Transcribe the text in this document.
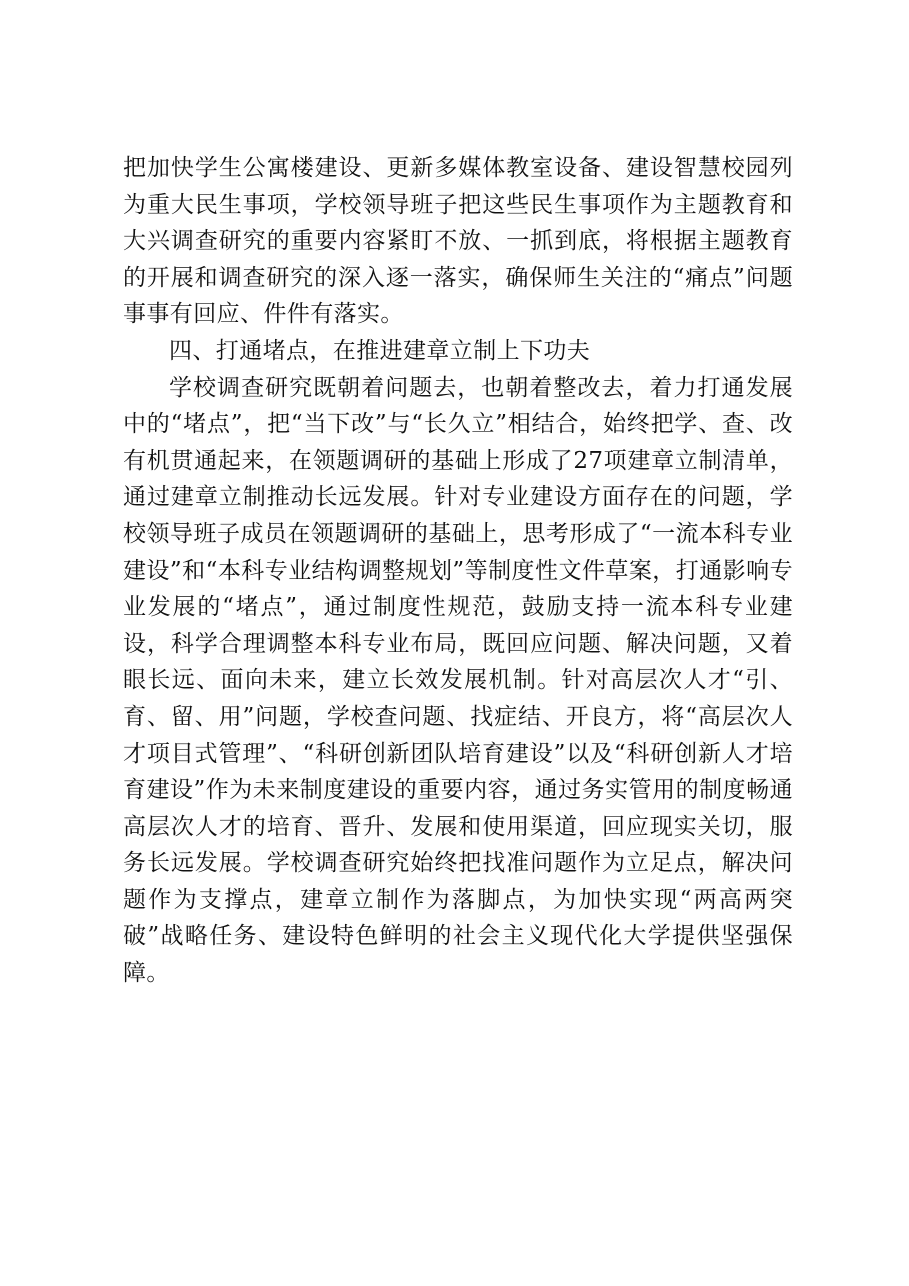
把加快学生公寓楼建设、更新多媒体教室设备、建设智慧校园列为重大民生事项，学校领导班子把这些民生事项作为主题教育和大兴调查研究的重要内容紧盯不放、一抓到底，将根据主题教育的开展和调查研究的深入逐一落实，确保师生关注的“痛点”问题事事有回应、件件有落实。

四、打通堵点，在推进建章立制上下功夫

学校调查研究既朝着问题去，也朝着整改去，着力打通发展中的“堵点”，把“当下改”与“长久立”相结合，始终把学、查、改有机贯通起来，在领题调研的基础上形成了27项建章立制清单，通过建章立制推动长远发展。针对专业建设方面存在的问题，学校领导班子成员在领题调研的基础上，思考形成了“一流本科专业建设”和“本科专业结构调整规划”等制度性文件草案，打通影响专业发展的“堵点”，通过制度性规范，鼓励支持一流本科专业建设，科学合理调整本科专业布局，既回应问题、解决问题，又着眼长远、面向未来，建立长效发展机制。针对高层次人才“引、育、留、用”问题，学校查问题、找症结、开良方，将“高层次人才项目式管理”、“科研创新团队培育建设”以及“科研创新人才培育建设”作为未来制度建设的重要内容，通过务实管用的制度畅通高层次人才的培育、晋升、发展和使用渠道，回应现实关切，服务长远发展。学校调查研究始终把找准问题作为立足点，解决问题作为支撑点，建章立制作为落脚点，为加快实现“两高两突破”战略任务、建设特色鲜明的社会主义现代化大学提供坚强保障。
